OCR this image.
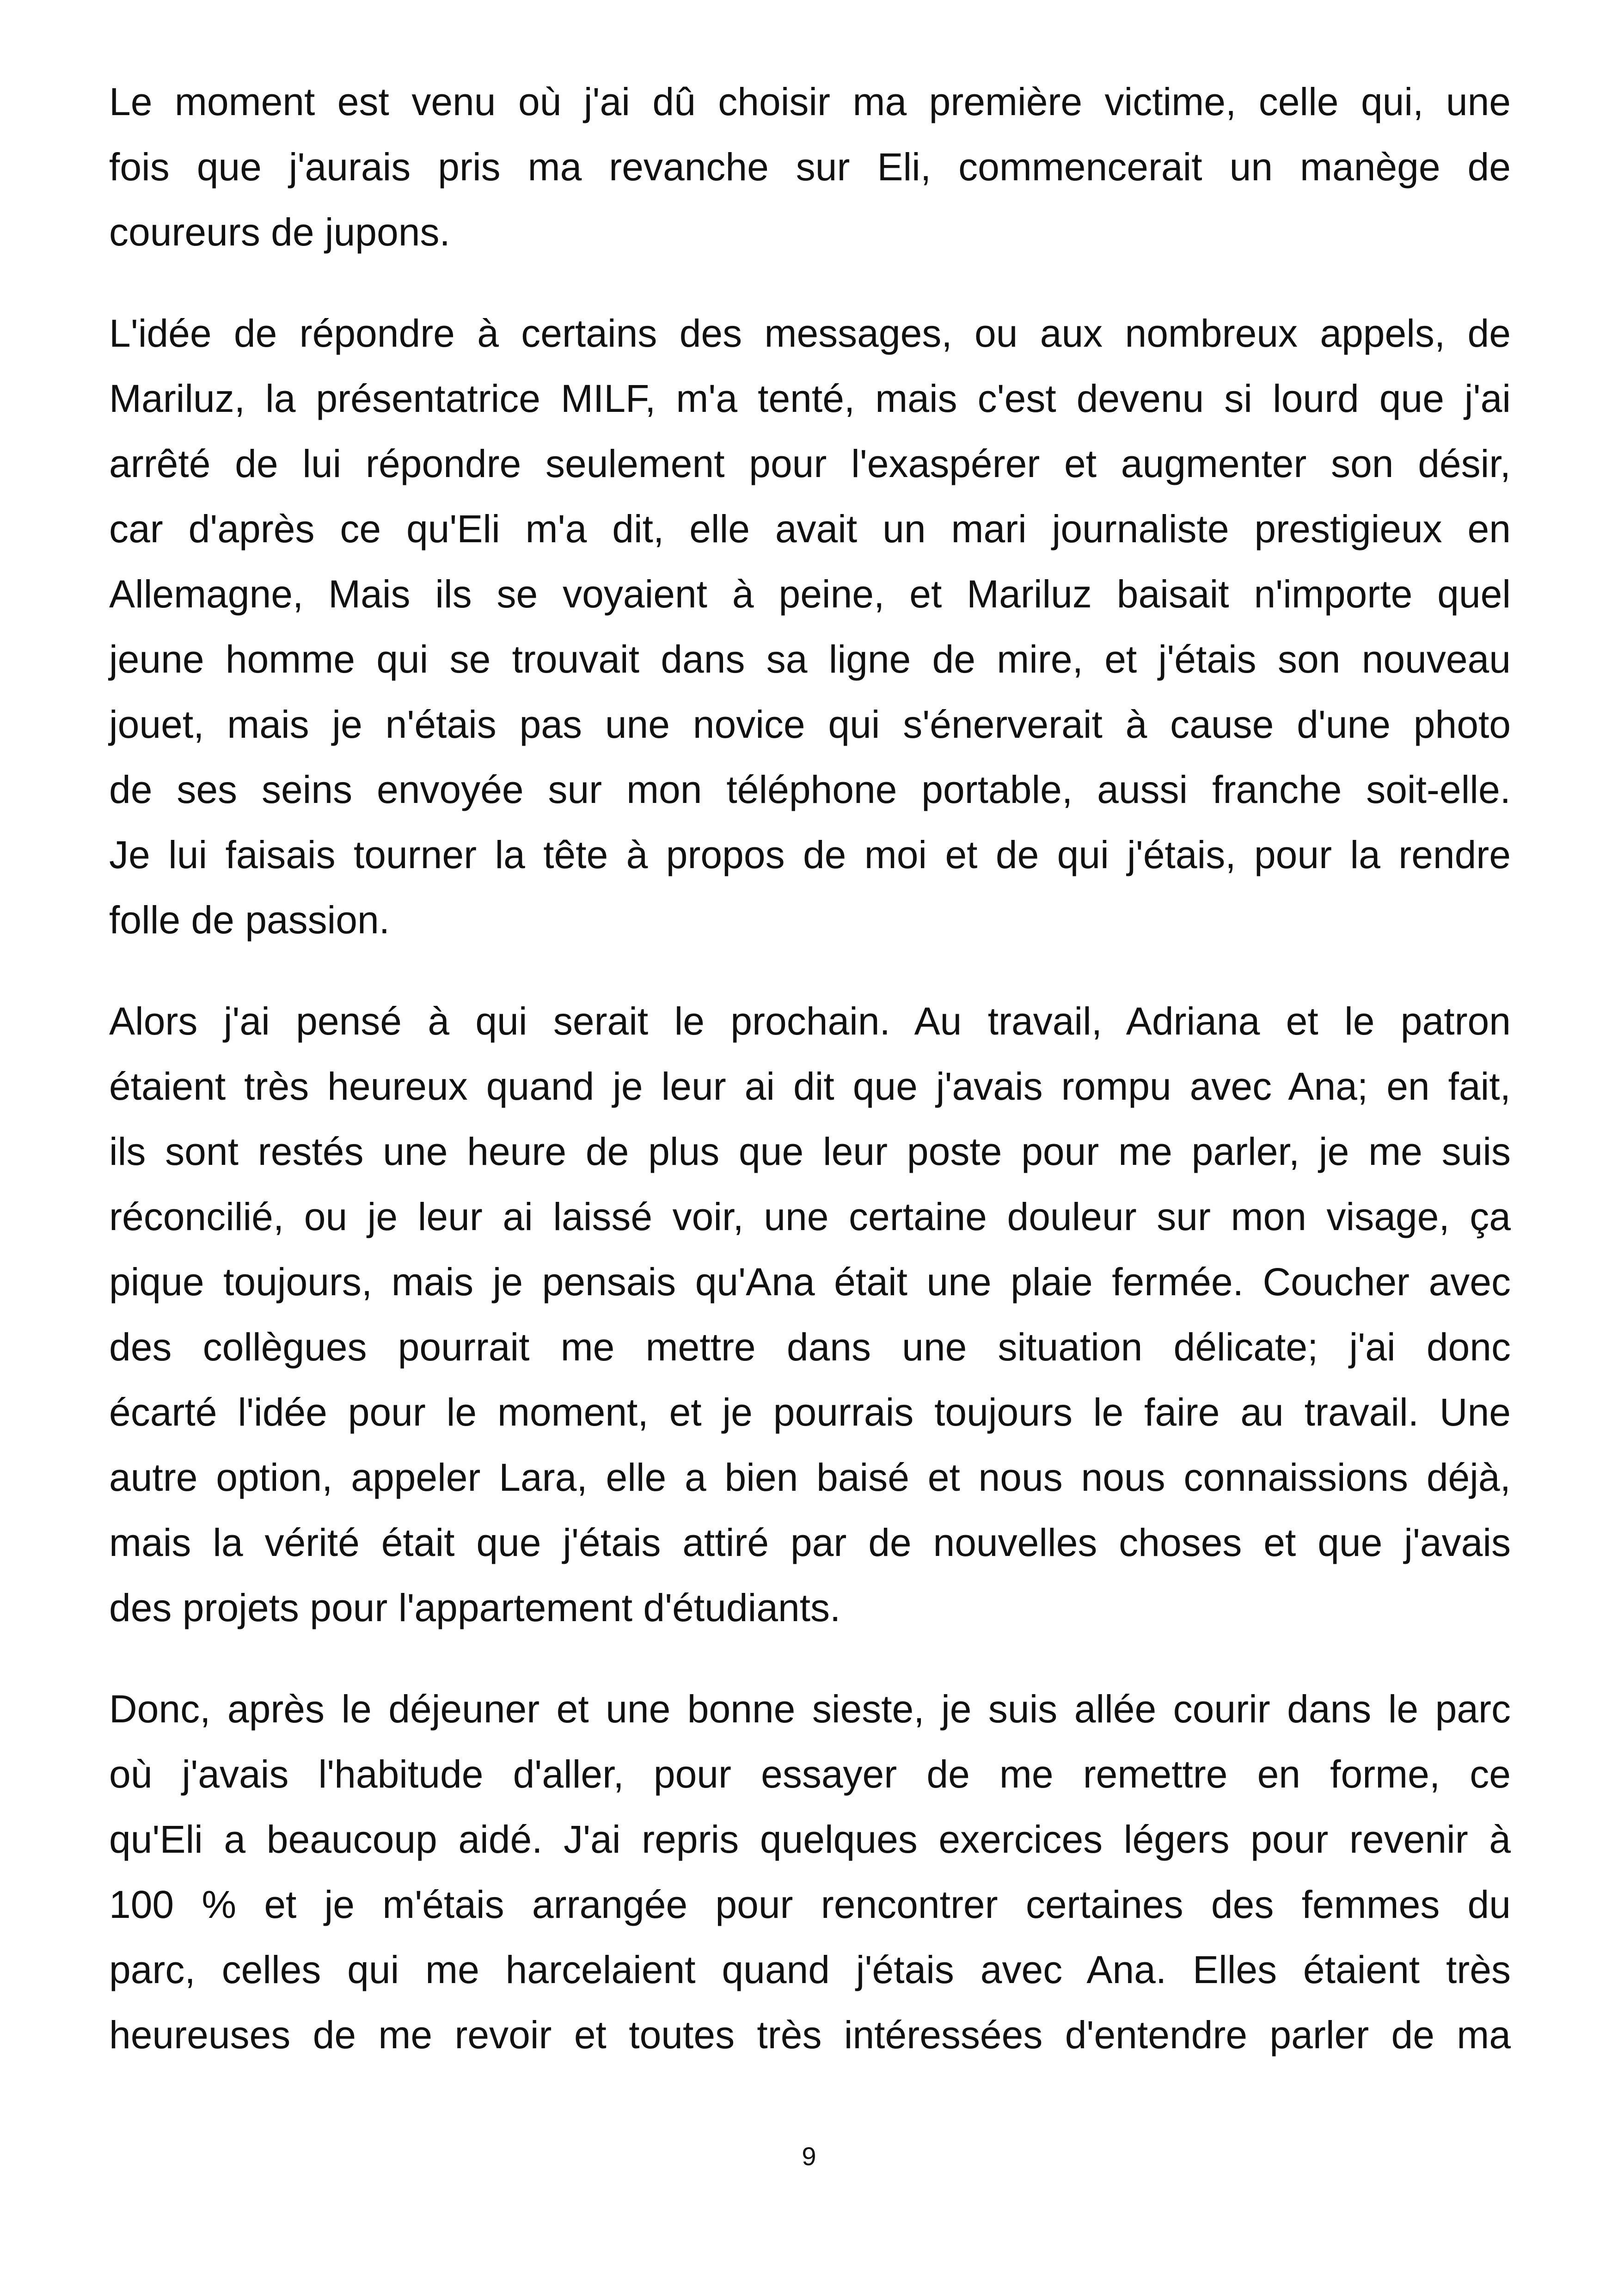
Le moment est venu où j'ai dû choisir ma première victime, celle qui, une
fois que j'aurais pris ma revanche sur Eli, commencerait un manège de
coureurs de jupons.
L'idée de répondre à certains des messages, ou aux nombreux appels, de
Mariluz, la présentatrice MILF, m'a tenté, mais c'est devenu si lourd que j'ai
arrêté de lui répondre seulement pour l'exaspérer et augmenter son désir,
car d'après ce qu'Eli m'a dit, elle avait un mari journaliste prestigieux en
Allemagne, Mais ils se voyaient à peine, et Mariluz baisait n'importe quel
jeune homme qui se trouvait dans sa ligne de mire, et j'étais son nouveau
jouet, mais je n'étais pas une novice qui s'énerverait à cause d'une photo
de ses seins envoyée sur mon téléphone portable, aussi franche soit-elle.
Je lui faisais tourner la tête à propos de moi et de qui j'étais, pour la rendre
folle de passion.
Alors j'ai pensé à qui serait le prochain. Au travail, Adriana et le patron
étaient très heureux quand je leur ai dit que j'avais rompu avec Ana; en fait,
ils sont restés une heure de plus que leur poste pour me parler, je me suis
réconcilié, ou je leur ai laissé voir, une certaine douleur sur mon visage, ça
pique toujours, mais je pensais qu'Ana était une plaie fermée. Coucher avec
des collègues pourrait me mettre dans une situation délicate; j'ai donc
écarté l'idée pour le moment, et je pourrais toujours le faire au travail. Une
autre option, appeler Lara, elle a bien baisé et nous nous connaissions déjà,
mais la vérité était que j'étais attiré par de nouvelles choses et que j'avais
des projets pour l'appartement d'étudiants.
Donc, après le déjeuner et une bonne sieste, je suis allée courir dans le parc
où j'avais l'habitude d'aller, pour essayer de me remettre en forme, ce
qu'Eli a beaucoup aidé. J'ai repris quelques exercices légers pour revenir à
100 % et je m'étais arrangée pour rencontrer certaines des femmes du
parc, celles qui me harcelaient quand j'étais avec Ana. Elles étaient très
heureuses de me revoir et toutes très intéressées d'entendre parler de ma
9
